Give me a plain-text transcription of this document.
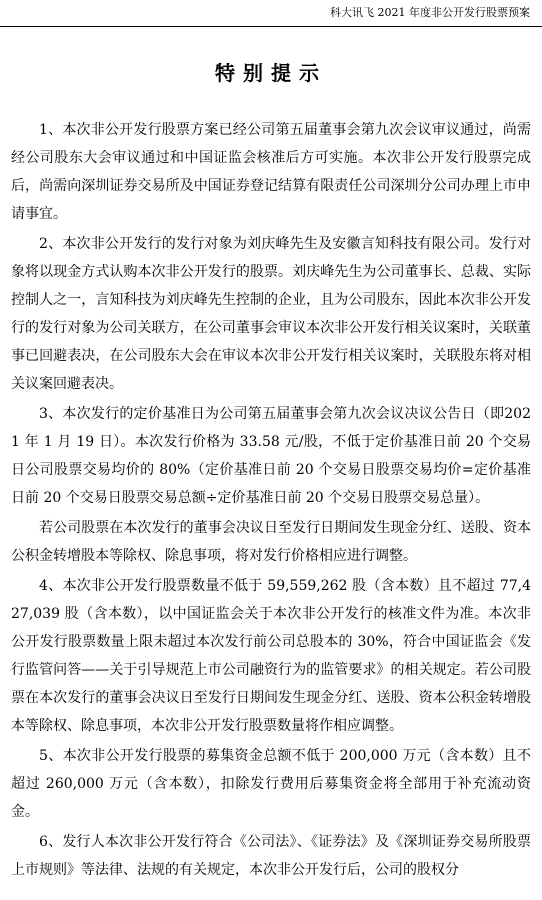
科大讯飞 2021 年度非公开发行股票预案
特别提示

1、本次非公开发行股票方案已经公司第五届董事会第九次会议审议通过，尚需经公司股东大会审议通过和中国证监会核准后方可实施。本次非公开发行股票完成后，尚需向深圳证券交易所及中国证券登记结算有限责任公司深圳分公司办理上市申请事宜。

2、本次非公开发行的发行对象为刘庆峰先生及安徽言知科技有限公司。发行对象将以现金方式认购本次非公开发行的股票。刘庆峰先生为公司董事长、总裁、实际控制人之一，言知科技为刘庆峰先生控制的企业，且为公司股东，因此本次非公开发行的发行对象为公司关联方，在公司董事会审议本次非公开发行相关议案时，关联董事已回避表决，在公司股东大会在审议本次非公开发行相关议案时，关联股东将对相关议案回避表决。

3、本次发行的定价基准日为公司第五届董事会第九次会议决议公告日（即2021 年 1 月 19 日）。本次发行价格为 33.58 元/股，不低于定价基准日前 20 个交易日公司股票交易均价的 80%（定价基准日前 20 个交易日股票交易均价=定价基准日前 20 个交易日股票交易总额÷定价基准日前 20 个交易日股票交易总量）。

若公司股票在本次发行的董事会决议日至发行日期间发生现金分红、送股、资本公积金转增股本等除权、除息事项，将对发行价格相应进行调整。

4、本次非公开发行股票数量不低于 59,559,262 股（含本数）且不超过 77,427,039 股（含本数），以中国证监会关于本次非公开发行的核准文件为准。本次非公开发行股票数量上限未超过本次发行前公司总股本的 30%，符合中国证监会《发行监管问答——关于引导规范上市公司融资行为的监管要求》的相关规定。若公司股票在本次发行的董事会决议日至发行日期间发生现金分红、送股、资本公积金转增股本等除权、除息事项，本次非公开发行股票数量将作相应调整。

5、本次非公开发行股票的募集资金总额不低于 200,000 万元（含本数）且不超过 260,000 万元（含本数），扣除发行费用后募集资金将全部用于补充流动资金。

6、发行人本次非公开发行符合《公司法》、《证券法》及《深圳证券交易所股票上市规则》等法律、法规的有关规定，本次非公开发行后，公司的股权分
